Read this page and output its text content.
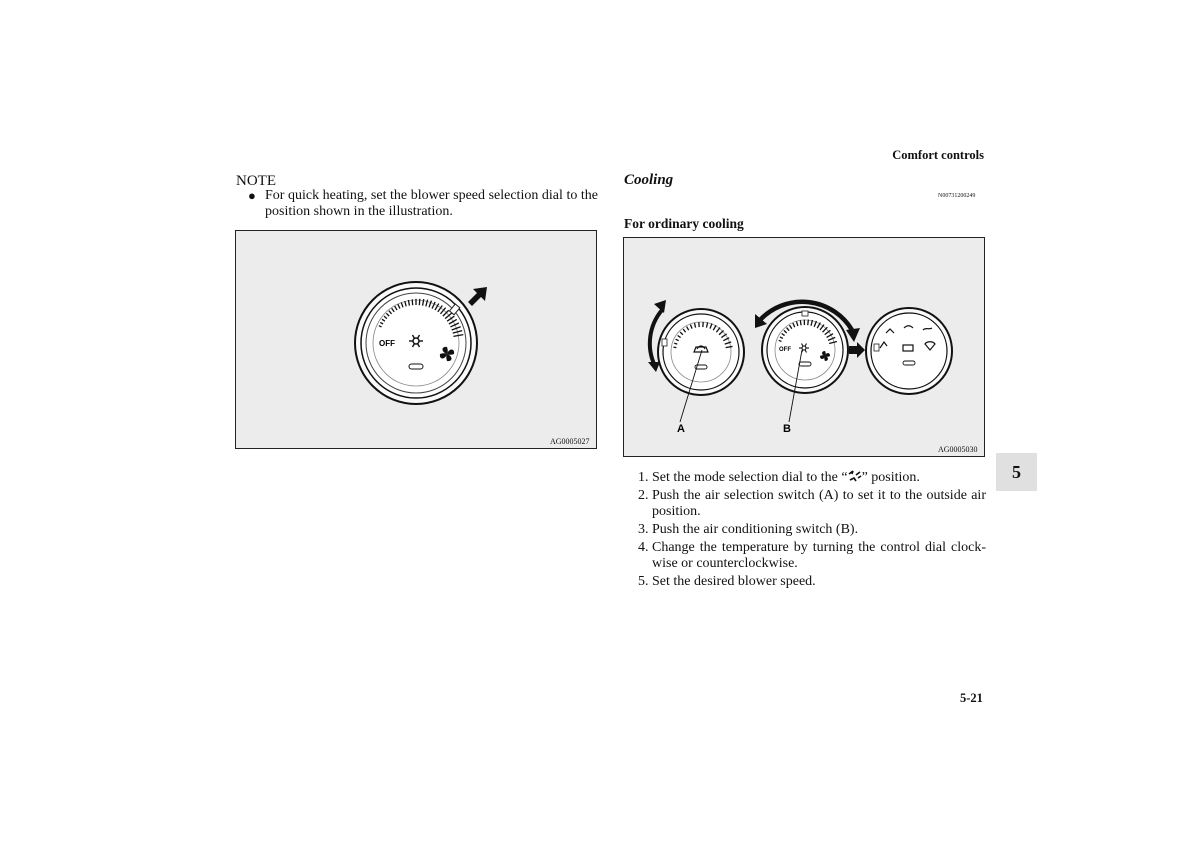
Comfort controls
NOTE
● For quick heating, set the blower speed selection dial to the position shown in the illustration.
OFF
AG0005027
Cooling
N00731200249
For ordinary cooling
OFF
A	B
AG0005030
1. Set the mode selection dial to the “ ” position.
2. Push the air selection switch (A) to set it to the outside air position.
3. Push the air conditioning switch (B).
4. Change the temperature by turning the control dial clock-wise or counterclockwise.
5. Set the desired blower speed.
5
5-21
